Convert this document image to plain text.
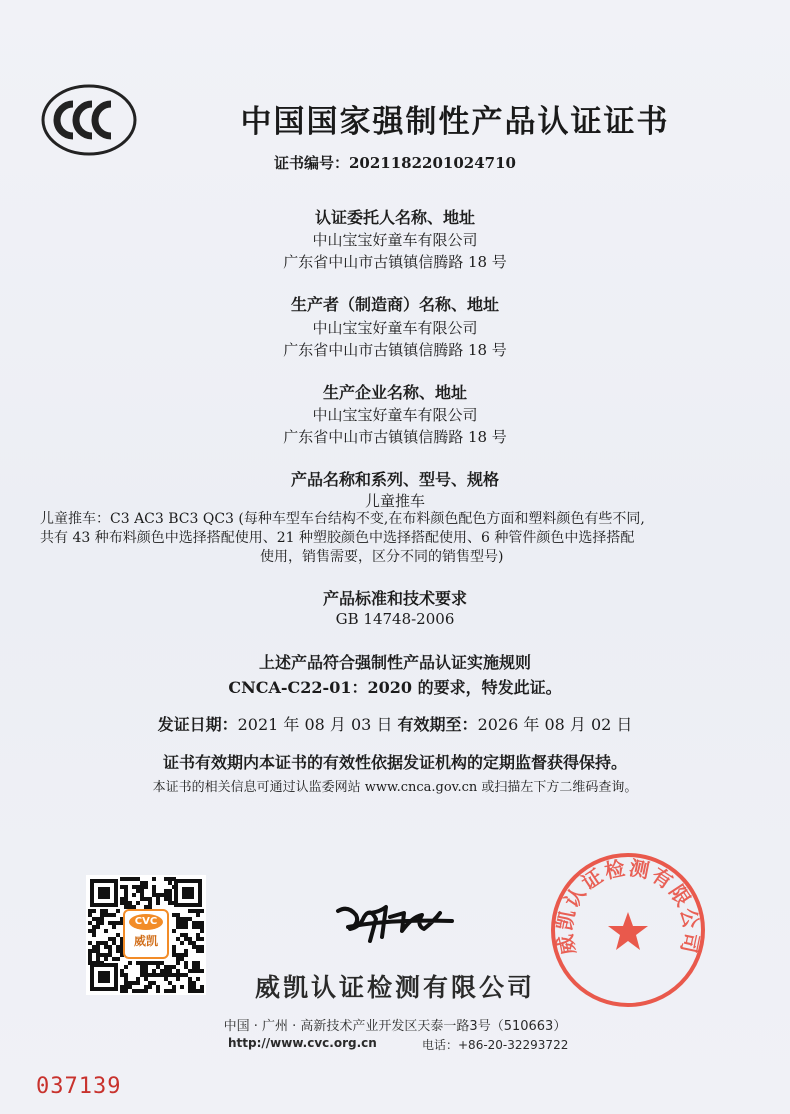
中国国家强制性产品认证证书
证书编号：2021182201024710
认证委托人名称、地址
中山宝宝好童车有限公司
广东省中山市古镇镇信腾路 18 号
生产者（制造商）名称、地址
中山宝宝好童车有限公司
广东省中山市古镇镇信腾路 18 号
生产企业名称、地址
中山宝宝好童车有限公司
广东省中山市古镇镇信腾路 18 号
产品名称和系列、型号、规格
儿童推车
儿童推车：C3 AC3 BC3 QC3 (每种车型车台结构不变,在布料颜色配色方面和塑料颜色有些不同,
共有 43 种布料颜色中选择搭配使用、21 种塑胶颜色中选择搭配使用、6 种管件颜色中选择搭配
使用，销售需要，区分不同的销售型号)
产品标准和技术要求
GB 14748-2006
上述产品符合强制性产品认证实施规则
CNCA-C22-01：2020 的要求，特发此证。
发证日期：2021 年 08 月 03 日 有效期至：2026 年 08 月 02 日
证书有效期内本证书的有效性依据发证机构的定期监督获得保持。
本证书的相关信息可通过认监委网站 www.cnca.gov.cn 或扫描左下方二维码查询。
CVC
威凯
威凯认证检测有限公司
中国 · 广州 · 高新技术产业开发区天泰一路3号（510663）
http://www.cvc.org.cn	电话：+86-20-32293722
威凯认证检测有限公司
037139
